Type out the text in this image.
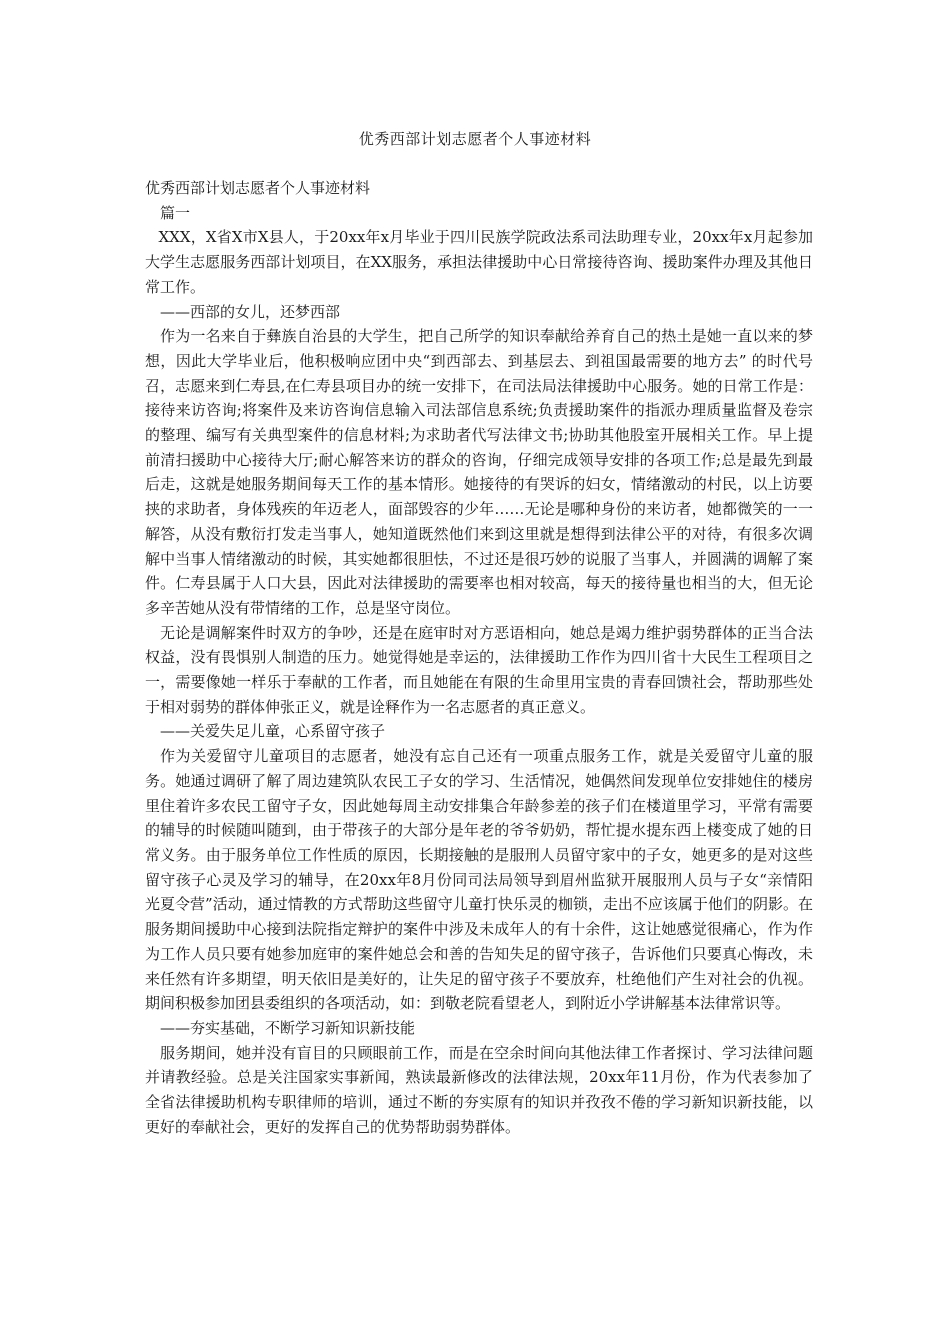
优秀西部计划志愿者个人事迹材料

优秀西部计划志愿者个人事迹材料

篇一

XXX，X省X市X县人，于20xx年x月毕业于四川民族学院政法系司法助理专业，20xx年x月起参加大学生志愿服务西部计划项目，在XX服务，承担法律援助中心日常接待咨询、援助案件办理及其他日常工作。

——西部的女儿，还梦西部

作为一名来自于彝族自治县的大学生，把自己所学的知识奉献给养育自己的热土是她一直以来的梦想，因此大学毕业后，他积极响应团中央“到西部去、到基层去、到祖国最需要的地方去” 的时代号召，志愿来到仁寿县,在仁寿县项目办的统一安排下，在司法局法律援助中心服务。她的日常工作是：接待来访咨询;将案件及来访咨询信息输入司法部信息系统;负责援助案件的指派办理质量监督及卷宗的整理、编写有关典型案件的信息材料;为求助者代写法律文书;协助其他股室开展相关工作。早上提前清扫援助中心接待大厅;耐心解答来访的群众的咨询，仔细完成领导安排的各项工作;总是最先到最后走，这就是她服务期间每天工作的基本情形。她接待的有哭诉的妇女，情绪激动的村民，以上访要挟的求助者，身体残疾的年迈老人，面部毁容的少年……无论是哪种身份的来访者，她都微笑的一一解答，从没有敷衍打发走当事人，她知道既然他们来到这里就是想得到法律公平的对待，有很多次调解中当事人情绪激动的时候，其实她都很胆怯，不过还是很巧妙的说服了当事人，并圆满的调解了案件。仁寿县属于人口大县，因此对法律援助的需要率也相对较高，每天的接待量也相当的大，但无论多辛苦她从没有带情绪的工作，总是坚守岗位。

无论是调解案件时双方的争吵，还是在庭审时对方恶语相向，她总是竭力维护弱势群体的正当合法权益，没有畏惧别人制造的压力。她觉得她是幸运的，法律援助工作作为四川省十大民生工程项目之一，需要像她一样乐于奉献的工作者，而且她能在有限的生命里用宝贵的青春回馈社会，帮助那些处于相对弱势的群体伸张正义，就是诠释作为一名志愿者的真正意义。

——关爱失足儿童，心系留守孩子

作为关爱留守儿童项目的志愿者，她没有忘自己还有一项重点服务工作，就是关爱留守儿童的服务。她通过调研了解了周边建筑队农民工子女的学习、生活情况，她偶然间发现单位安排她住的楼房里住着许多农民工留守子女，因此她每周主动安排集合年龄参差的孩子们在楼道里学习，平常有需要的辅导的时候随叫随到，由于带孩子的大部分是年老的爷爷奶奶，帮忙提水提东西上楼变成了她的日常义务。由于服务单位工作性质的原因，长期接触的是服刑人员留守家中的子女，她更多的是对这些留守孩子心灵及学习的辅导，在20xx年8月份同司法局领导到眉州监狱开展服刑人员与子女“亲情阳光夏令营”活动，通过情教的方式帮助这些留守儿童打快乐灵的枷锁，走出不应该属于他们的阴影。在服务期间援助中心接到法院指定辩护的案件中涉及未成年人的有十余件，这让她感觉很痛心，作为作为工作人员只要有她参加庭审的案件她总会和善的告知失足的留守孩子，告诉他们只要真心悔改，未来任然有许多期望，明天依旧是美好的，让失足的留守孩子不要放弃，杜绝他们产生对社会的仇视。期间积极参加团县委组织的各项活动，如：到敬老院看望老人，到附近小学讲解基本法律常识等。

——夯实基础，不断学习新知识新技能

服务期间，她并没有盲目的只顾眼前工作，而是在空余时间向其他法律工作者探讨、学习法律问题并请教经验。总是关注国家实事新闻，熟读最新修改的法律法规，20xx年11月份，作为代表参加了全省法律援助机构专职律师的培训，通过不断的夯实原有的知识并孜孜不倦的学习新知识新技能，以更好的奉献社会，更好的发挥自己的优势帮助弱势群体。
